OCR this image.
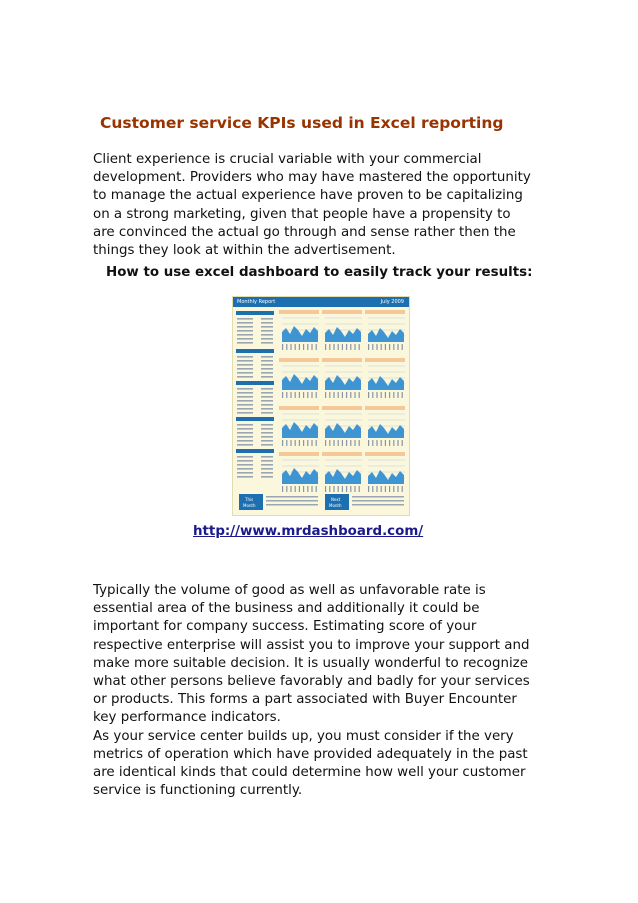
Customer service KPIs used in Excel reporting
Client experience is crucial variable with your commercial
development. Providers who may have mastered the opportunity
to manage the actual experience have proven to be capitalizing
on a strong marketing, given that people have a propensity to
are convinced the actual go through and sense rather then the
things they look at within the advertisement.
How to use excel dashboard to easily track your results:
Monthly Report	July 2009
This
Month
Next
Month
http://www.mrdashboard.com/
Typically the volume of good as well as unfavorable rate is
essential area of the business and additionally it could be
important for company success. Estimating score of your
respective enterprise will assist you to improve your support and
make more suitable decision. It is usually wonderful to recognize
what other persons believe favorably and badly for your services
or products. This forms a part associated with Buyer Encounter
key performance indicators.
As your service center builds up, you must consider if the very
metrics of operation which have provided adequately in the past
are identical kinds that could determine how well your customer
service is functioning currently.
